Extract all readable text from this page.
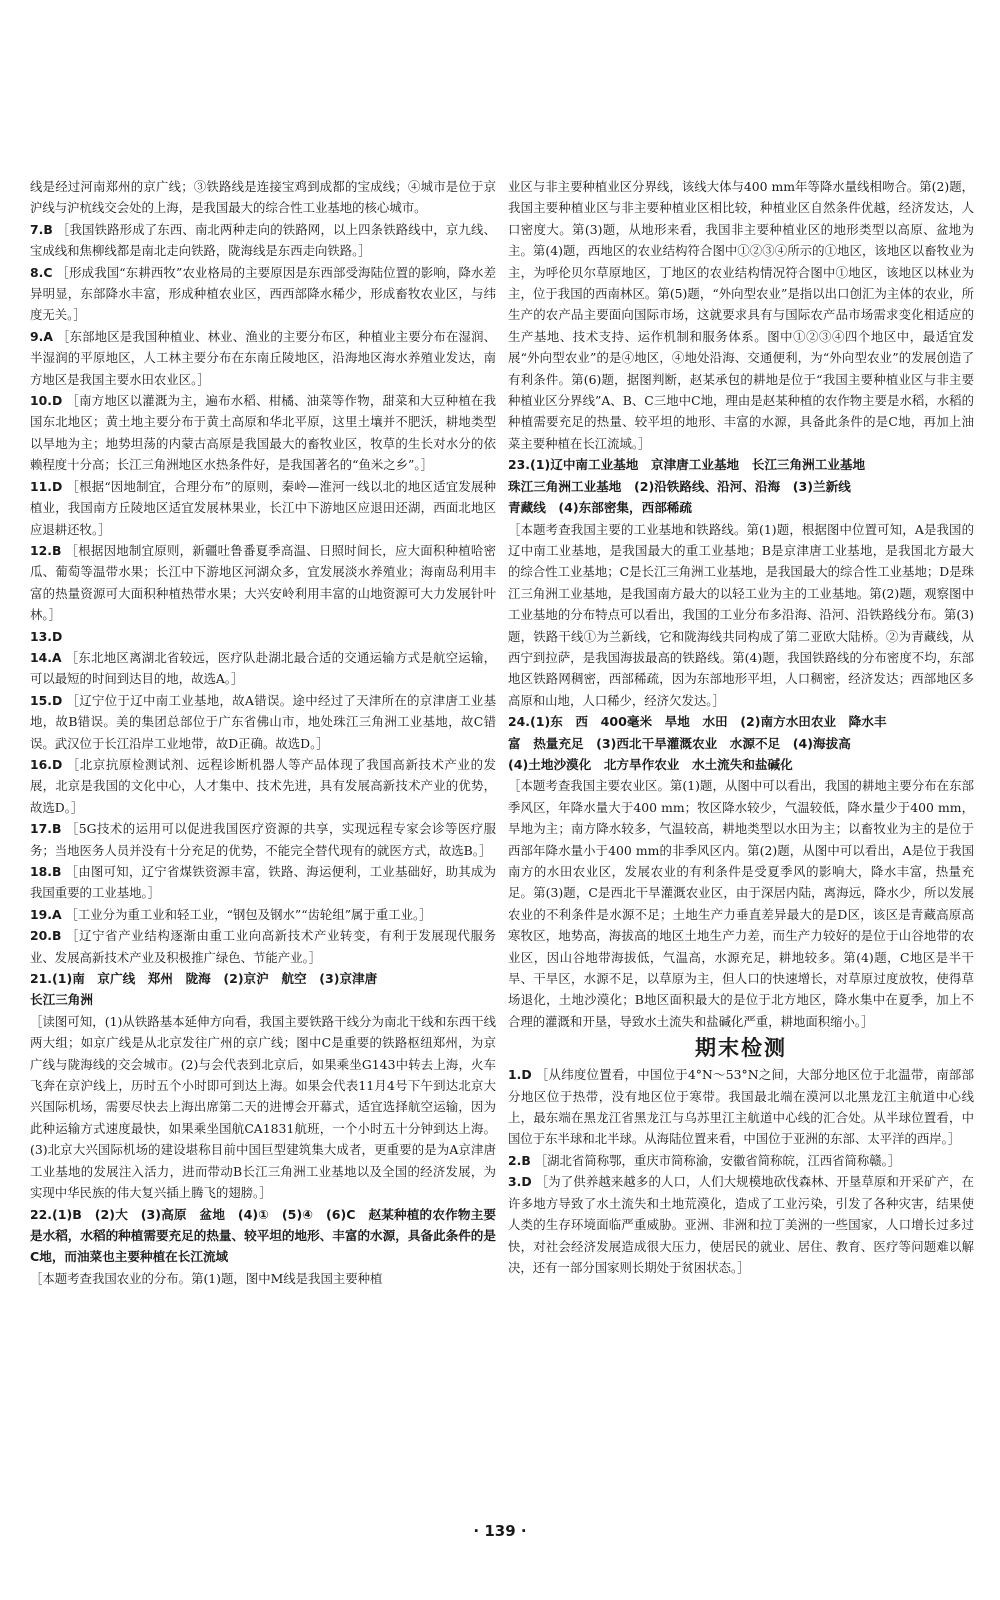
线是经过河南郑州的京广线；③铁路线是连接宝鸡到成都的宝成线；④城市是位于京沪线与沪杭线交会处的上海，是我国最大的综合性工业基地的核心城市。

7.B ［我国铁路形成了东西、南北两种走向的铁路网，以上四条铁路线中，京九线、宝成线和焦柳线都是南北走向铁路，陇海线是东西走向铁路。］

8.C ［形成我国“东耕西牧”农业格局的主要原因是东西部受海陆位置的影响，降水差异明显，东部降水丰富，形成种植农业区，西西部降水稀少，形成畜牧农业区，与纬度无关。］

9.A ［东部地区是我国种植业、林业、渔业的主要分布区，种植业主要分布在湿润、半湿润的平原地区，人工林主要分布在东南丘陵地区，沿海地区海水养殖业发达，南方地区是我国主要水田农业区。］

10.D ［南方地区以灌溉为主，遍布水稻、柑橘、油菜等作物，甜菜和大豆种植在我国东北地区；黄土地主要分布于黄土高原和华北平原，这里土壤并不肥沃，耕地类型以旱地为主；地势坦荡的内蒙古高原是我国最大的畜牧业区，牧草的生长对水分的依赖程度十分高；长江三角洲地区水热条件好，是我国著名的“鱼米之乡”。］

11.D ［根据“因地制宜，合理分布”的原则，秦岭—淮河一线以北的地区适宜发展种植业，我国南方丘陵地区适宜发展林果业，长江中下游地区应退田还湖，西面北地区应退耕还牧。］

12.B ［根据因地制宜原则，新疆吐鲁番夏季高温、日照时间长，应大面积种植哈密瓜、葡萄等温带水果；长江中下游地区河湖众多，宜发展淡水养殖业；海南岛利用丰富的热量资源可大面积种植热带水果；大兴安岭利用丰富的山地资源可大力发展针叶林。］

13.D

14.A ［东北地区离湖北省较远，医疗队赴湖北最合适的交通运输方式是航空运输，可以最短的时间到达目的地，故选A。］

15.D ［辽宁位于辽中南工业基地，故A错误。途中经过了天津所在的京津唐工业基地，故B错误。美的集团总部位于广东省佛山市，地处珠江三角洲工业基地，故C错误。武汉位于长江沿岸工业地带，故D正确。故选D。］

16.D ［北京抗原检测试剂、远程诊断机器人等产品体现了我国高新技术产业的发展，北京是我国的文化中心，人才集中、技术先进，具有发展高新技术产业的优势，故选D。］

17.B ［5G技术的运用可以促进我国医疗资源的共享，实现远程专家会诊等医疗服务；当地医务人员并没有十分充足的优势，不能完全替代现有的就医方式，故选B。］

18.B ［由图可知，辽宁省煤铁资源丰富，铁路、海运便利，工业基础好，助其成为我国重要的工业基地。］

19.A ［工业分为重工业和轻工业，“钢包及钢水”“齿轮组”属于重工业。］

20.B ［辽宁省产业结构逐渐由重工业向高新技术产业转变，有利于发展现代服务业、发展高新技术产业及积极推广绿色、节能产业。］

21.(1)南　京广线　郑州　陇海　(2)京沪　航空　(3)京津唐
长江三角洲
［读图可知，(1)从铁路基本延伸方向看，我国主要铁路干线分为南北干线和东西干线两大组；如京广线是从北京发往广州的京广线；图中C是重要的铁路枢纽郑州，为京广线与陇海线的交会城市。(2)与会代表到北京后，如果乘坐G143中转去上海，火车飞奔在京沪线上，历时五个小时即可到达上海。如果会代表11月4号下午到达北京大兴国际机场，需要尽快去上海出席第二天的进博会开幕式，适宜选择航空运输，因为此种运输方式速度最快，如果乘坐国航CA1831航班，一个小时五十分钟到达上海。(3)北京大兴国际机场的建设堪称目前中国巨型建筑集大成者，更重要的是为A京津唐工业基地的发展注入活力，进而带动B长江三角洲工业基地以及全国的经济发展，为实现中华民族的伟大复兴插上腾飞的翅膀。］

22.(1)B　(2)大　(3)高原　盆地　(4)①　(5)④　(6)C　赵某种植的农作物主要是水稻，水稻的种植需要充足的热量、较平坦的地形、丰富的水源，具备此条件的是C地，而油菜也主要种植在长江流域
［本题考查我国农业的分布。第(1)题，图中M线是我国主要种植

业区与非主要种植业区分界线，该线大体与400 mm年等降水量线相吻合。第(2)题，我国主要种植业区与非主要种植业区相比较，种植业区自然条件优越，经济发达，人口密度大。第(3)题，从地形来看，我国非主要种植业区的地形类型以高原、盆地为主。第(4)题，西地区的农业结构符合图中①②③④所示的①地区，该地区以畜牧业为主，为呼伦贝尔草原地区，丁地区的农业结构情况符合图中①地区，该地区以林业为主，位于我国的西南林区。第(5)题，“外向型农业”是指以出口创汇为主体的农业，所生产的农产品主要面向国际市场，这就要求具有与国际农产品市场需求变化相适应的生产基地、技术支持、运作机制和服务体系。图中①②③④四个地区中，最适宜发展“外向型农业”的是④地区，④地处沿海、交通便利，为“外向型农业”的发展创造了有利条件。第(6)题，据图判断，赵某承包的耕地是位于“我国主要种植业区与非主要种植业区分界线”A、B、C三地中C地，理由是赵某种植的农作物主要是水稻，水稻的种植需要充足的热量、较平坦的地形、丰富的水源，具备此条件的是C地，再加上油菜主要种植在长江流域。］

23.(1)辽中南工业基地　京津唐工业基地　长江三角洲工业基地
珠江三角洲工业基地　(2)沿铁路线、沿河、沿海　(3)兰新线
青藏线　(4)东部密集，西部稀疏
［本题考查我国主要的工业基地和铁路线。第(1)题，根据图中位置可知，A是我国的辽中南工业基地，是我国最大的重工业基地；B是京津唐工业基地，是我国北方最大的综合性工业基地；C是长江三角洲工业基地，是我国最大的综合性工业基地；D是珠江三角洲工业基地，是我国南方最大的以轻工业为主的工业基地。第(2)题，观察图中工业基地的分布特点可以看出，我国的工业分布多沿海、沿河、沿铁路线分布。第(3)题，铁路干线①为兰新线，它和陇海线共同构成了第二亚欧大陆桥。②为青藏线，从西宁到拉萨，是我国海拔最高的铁路线。第(4)题，我国铁路线的分布密度不均，东部地区铁路网稠密，西部稀疏，因为东部地形平坦，人口稠密，经济发达；西部地区多高原和山地，人口稀少，经济欠发达。］

24.(1)东　西　400毫米　旱地　水田　(2)南方水田农业　降水丰
富　热量充足　(3)西北干旱灌溉农业　水源不足　(4)海拔高
(4)土地沙漠化　北方旱作农业　水土流失和盐碱化
［本题考查我国主要农业区。第(1)题，从图中可以看出，我国的耕地主要分布在东部季风区，年降水量大于400 mm；牧区降水较少，气温较低，降水量少于400 mm，旱地为主；南方降水较多，气温较高，耕地类型以水田为主；以畜牧业为主的是位于西部年降水量小于400 mm的非季风区内。第(2)题，从图中可以看出，A是位于我国南方的水田农业区，发展农业的有利条件是受夏季风的影响大，降水丰富，热量充足。第(3)题，C是西北干旱灌溉农业区，由于深居内陆，离海远，降水少，所以发展农业的不利条件是水源不足；土地生产力垂直差异最大的是D区，该区是青藏高原高寒牧区，地势高，海拔高的地区土地生产力差，而生产力较好的是位于山谷地带的农业区，因山谷地带海拔低，气温高，水源充足，耕地较多。第(4)题，C地区是半干旱、干旱区，水源不足，以草原为主，但人口的快速增长，对草原过度放牧，使得草场退化，土地沙漠化；B地区面积最大的是位于北方地区，降水集中在夏季，加上不合理的灌溉和开垦，导致水土流失和盐碱化严重，耕地面积缩小。］

期末检测

1.D ［从纬度位置看，中国位于4°N～53°N之间，大部分地区位于北温带，南部部分地区位于热带，没有地区位于寒带。我国最北端在漠河以北黑龙江主航道中心线上，最东端在黑龙江省黑龙江与乌苏里江主航道中心线的汇合处。从半球位置看，中国位于东半球和北半球。从海陆位置来看，中国位于亚洲的东部、太平洋的西岸。］

2.B ［湖北省简称鄂，重庆市简称渝，安徽省简称皖，江西省简称赣。］

3.D ［为了供养越来越多的人口，人们大规模地砍伐森林、开垦草原和开采矿产，在许多地方导致了水土流失和土地荒漠化，造成了工业污染，引发了各种灾害，结果使人类的生存环境面临严重威胁。亚洲、非洲和拉丁美洲的一些国家，人口增长过多过快，对社会经济发展造成很大压力，使居民的就业、居住、教育、医疗等问题难以解决，还有一部分国家则长期处于贫困状态。］

· 139 ·
